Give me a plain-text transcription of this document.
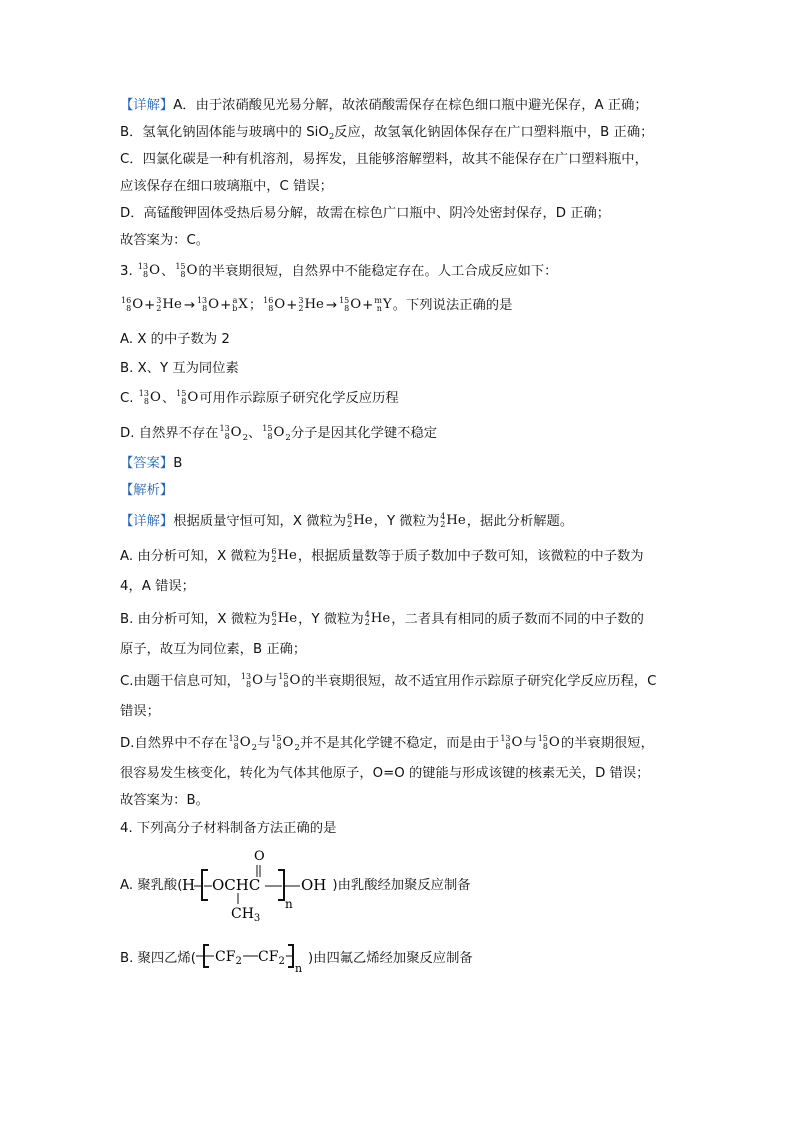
【详解】A．由于浓硝酸见光易分解，故浓硝酸需保存在棕色细口瓶中避光保存，A 正确；
B．氢氧化钠固体能与玻璃中的 SiO$_2$反应，故氢氧化钠固体保存在广口塑料瓶中，B 正确；
C．四氯化碳是一种有机溶剂，易挥发，且能够溶解塑料，故其不能保存在广口塑料瓶中，
应该保存在细口玻璃瓶中，C 错误；
D．高锰酸钾固体受热后易分解，故需在棕色广口瓶中、阴冷处密封保存，D 正确；
故答案为：C。
3. 13
8 O 、 15
8 O 的半衰期很短，自然界中不能稳定存在。人工合成反应如下：
16
8 O + 3
2 He → 13
8 O + a
b X ； 16
8 O + 3
2 He → 15
8 O + m
n Y 。下列说法正确的是
A. X 的中子数为 2
B. X、Y 互为同位素
C. 13
8 O 、 15
8 O 可用作示踪原子研究化学反应历程
D. 自然界不存在 13
8 O $_2$、 15
8 O $_2$分子是因其化学键不稳定
【答案】B
【解析】
【详解】根据质量守恒可知，X 微粒为 6
2 He ，Y 微粒为 4
2 He ，据此分析解题。
A. 由分析可知，X 微粒为 6
2 He ，根据质量数等于质子数加中子数可知，该微粒的中子数为
4，A 错误；
B. 由分析可知，X 微粒为 6
2 He ，Y 微粒为 4
2 He ，二者具有相同的质子数而不同的中子数的
原子，故互为同位素，B 正确；
C.由题干信息可知， 13
8 O 与 15
8 O 的半衰期很短，故不适宜用作示踪原子研究化学反应历程，C
错误；
D.自然界中不存在 13
8 O $_2$与 15
8 O $_2$并不是其化学键不稳定，而是由于 13
8 O 与 15
8 O 的半衰期很短，
很容易发生核变化，转化为气体其他原子，O=O 的键能与形成该键的核素无关，D 错误；
故答案为：B。
4. 下列高分子材料制备方法正确的是
A. 聚乳酸( H OCHC
O
$CH_3$
n
OH )由乳酸经加聚反应制备
B. 聚四乙烯( $CF_2$ $CF_2$
n
)由四氟乙烯经加聚反应制备
